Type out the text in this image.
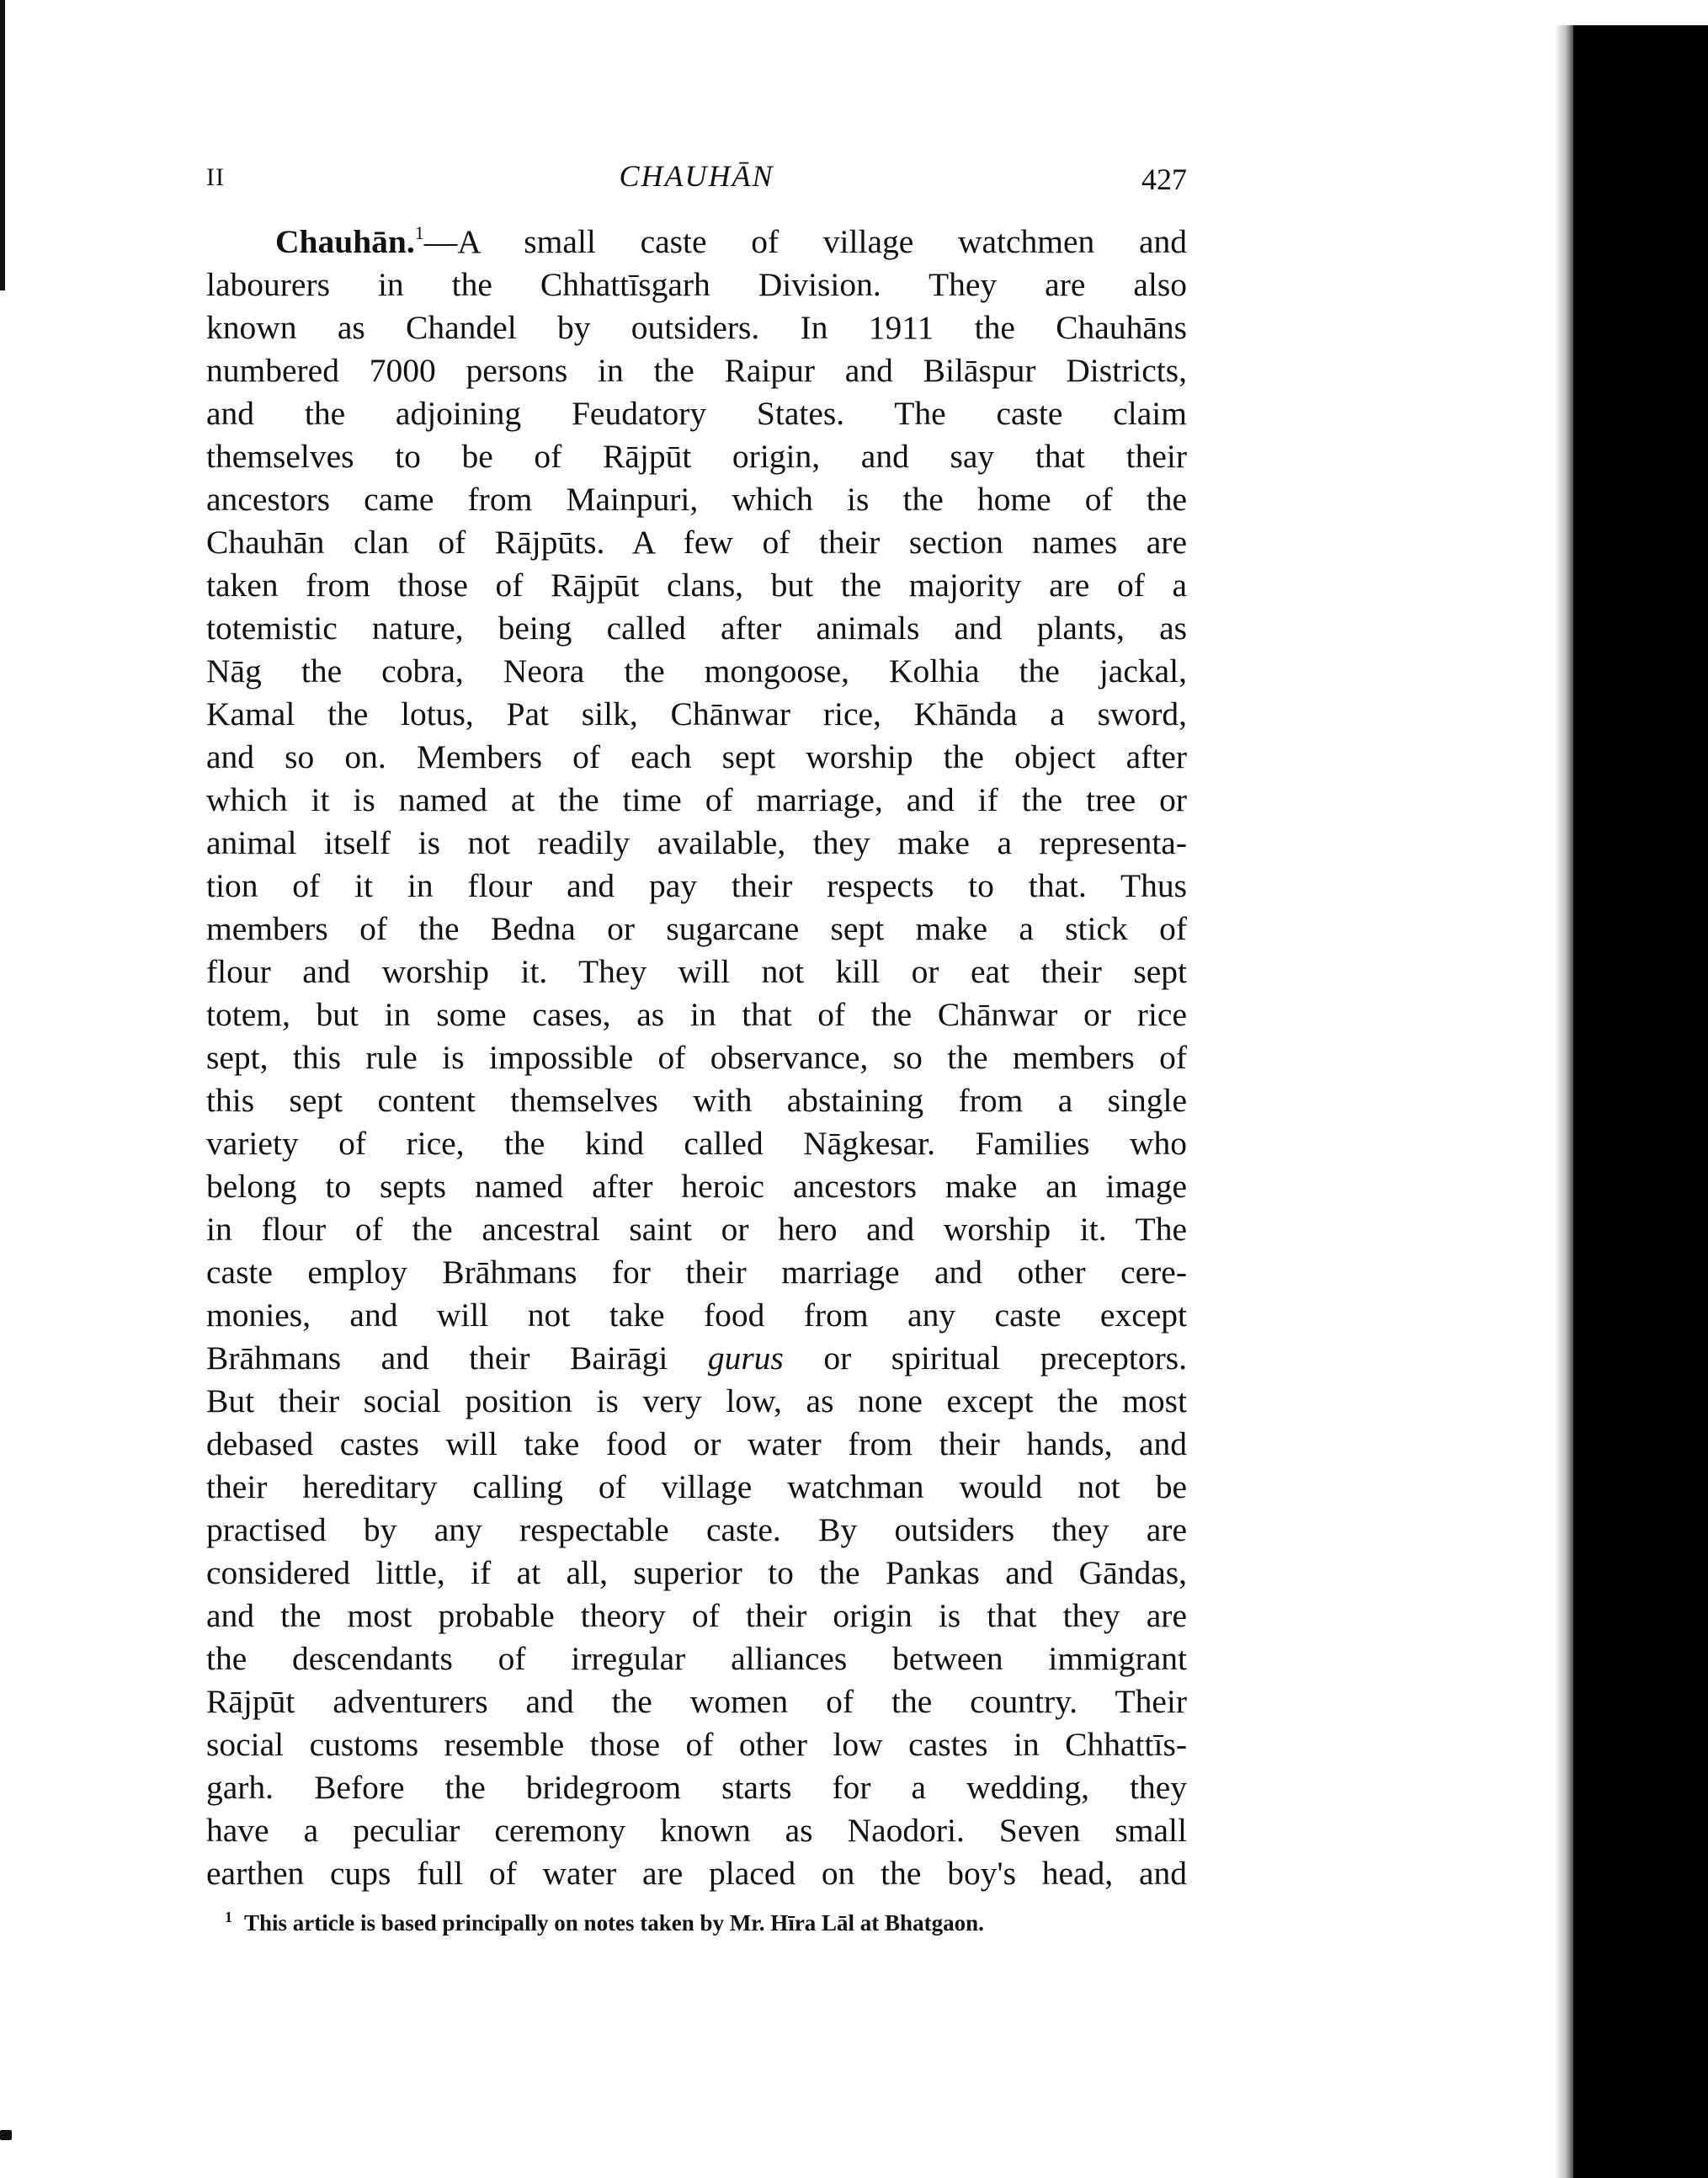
II	CHAUHĀN	427
Chauhān.$^1$—A small caste of village watchmen and
labourers in the Chhattīsgarh Division. They are also
known as Chandel by outsiders. In 1911 the Chauhāns
numbered 7000 persons in the Raipur and Bilāspur Districts,
and the adjoining Feudatory States. The caste claim
themselves to be of Rājpūt origin, and say that their
ancestors came from Mainpuri, which is the home of the
Chauhān clan of Rājpūts. A few of their section names are
taken from those of Rājpūt clans, but the majority are of a
totemistic nature, being called after animals and plants, as
Nāg the cobra, Neora the mongoose, Kolhia the jackal,
Kamal the lotus, Pat silk, Chānwar rice, Khānda a sword,
and so on. Members of each sept worship the object after
which it is named at the time of marriage, and if the tree or
animal itself is not readily available, they make a representa-
tion of it in flour and pay their respects to that. Thus
members of the Bedna or sugarcane sept make a stick of
flour and worship it. They will not kill or eat their sept
totem, but in some cases, as in that of the Chānwar or rice
sept, this rule is impossible of observance, so the members of
this sept content themselves with abstaining from a single
variety of rice, the kind called Nāgkesar. Families who
belong to septs named after heroic ancestors make an image
in flour of the ancestral saint or hero and worship it. The
caste employ Brāhmans for their marriage and other cere-
monies, and will not take food from any caste except
Brāhmans and their Bairāgi gurus or spiritual preceptors.
But their social position is very low, as none except the most
debased castes will take food or water from their hands, and
their hereditary calling of village watchman would not be
practised by any respectable caste. By outsiders they are
considered little, if at all, superior to the Pankas and Gāndas,
and the most probable theory of their origin is that they are
the descendants of irregular alliances between immigrant
Rājpūt adventurers and the women of the country. Their
social customs resemble those of other low castes in Chhattīs-
garh. Before the bridegroom starts for a wedding, they
have a peculiar ceremony known as Naodori. Seven small
earthen cups full of water are placed on the boy's head, and
$^1$ This article is based principally on notes taken by Mr. Hīra Lāl at Bhatgaon.
